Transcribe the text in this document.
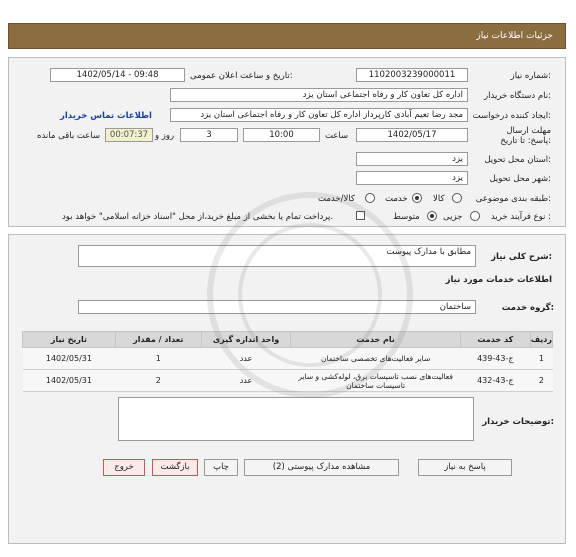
جزئیات اطلاعات نیاز
شماره نیاز:
1102003239000011
تاریخ و ساعت اعلان عمومی:
1402/05/14 - 09:48
نام دستگاه خریدار:
اداره کل تعاون کار و رفاه اجتماعی استان یزد
ایجاد کننده درخواست:
مجد رضا تعیم آبادی کارپرداز اداره کل تعاون کار و رفاه اجتماعی استان یزد
اطلاعات تماس خریدار
مهلت ارسال پاسخ: تا تاریخ:
1402/05/17
ساعت
10:00
3
روز و
00:07:37
ساعت باقی مانده
استان محل تحویل:
یزد
شهر محل تحویل:
یزد
طبقه بندی موضوعی:
کالا
خدمت
کالا/خدمت
نوع فرآیند خرید :
جزیی
متوسط
پرداخت تمام یا بخشی از مبلغ خرید،از محل "اسناد خزانه اسلامی" خواهد بود.
شرح کلی نیاز:
مطابق با مدارک پیوست
اطلاعات خدمات مورد نیاز
گروه خدمت:
ساختمان
ردیف	کد خدمت	نام خدمت	واحد اندازه گیری	تعداد / مقدار	تاریخ نیاز
1	ج-43-439	سایر فعالیت‌های تخصصی ساختمان	عدد	1	1402/05/31
2	ج-43-432	فعالیت‌های نصب تاسیسات برق، لوله‌کشی و سایر تاسیسات ساختمان	عدد	2	1402/05/31
توضیحات خریدار:
پاسخ به نیاز
مشاهده مدارک پیوستی (2)
چاپ
بازگشت
خروج
